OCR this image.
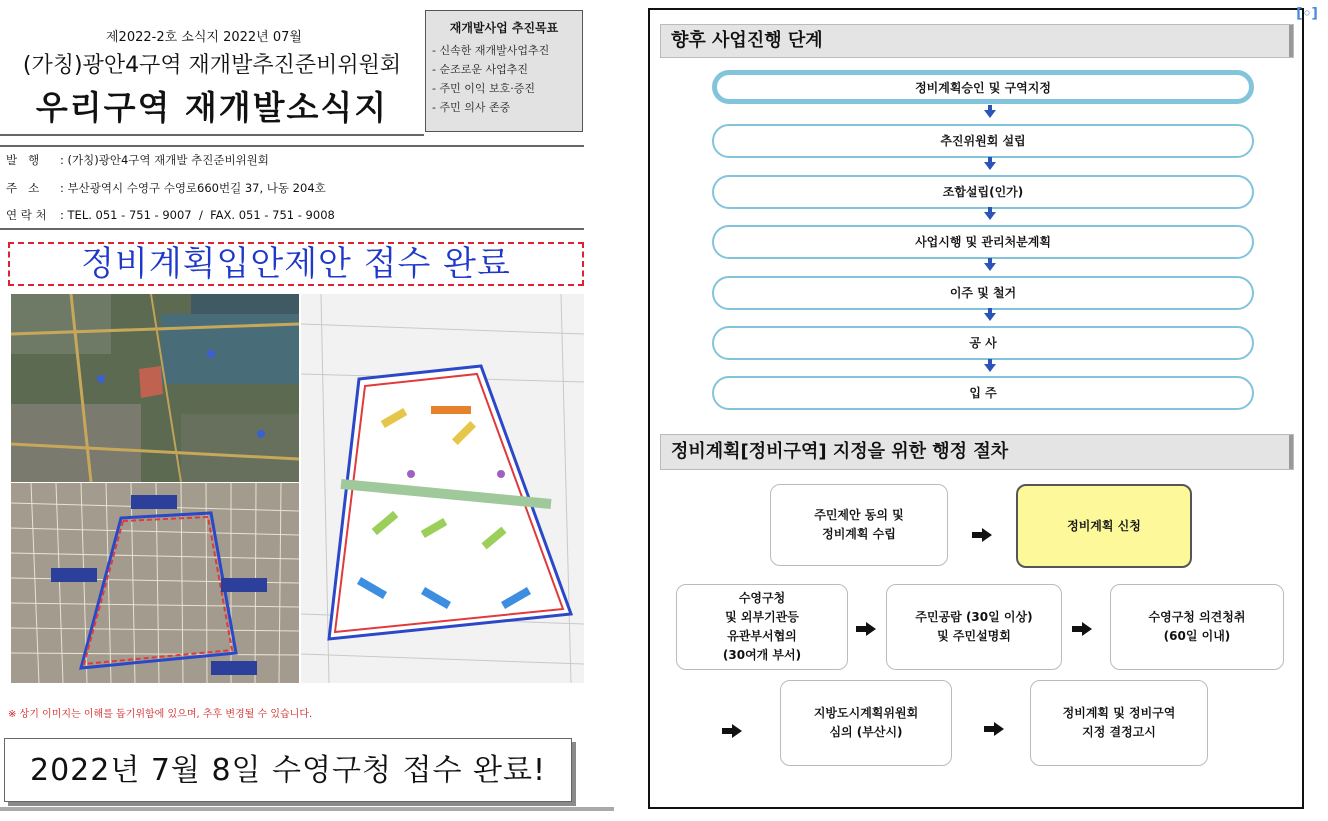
제2022-2호 소식지 2022년 07월
(가칭)광안4구역 재개발추진준비위원회
우리구역 재개발소식지
재개발사업 추진목표
- 신속한 재개발사업추진
- 순조로운 사업추진
- 주민 이익 보호·증진
- 주민 의사 존중
발   행 : (가칭)광안4구역 재개발 추진준비위원회
주   소 : 부산광역시 수영구 수영로660번길 37, 나동 204호
연 락 처 : TEL. 051 - 751 - 9007  /  FAX. 051 - 751 - 9008
정비계획입안제안 접수 완료
※ 상기 이미지는 이해를 돕기위함에 있으며, 추후 변경될 수 있습니다.
2022년 7월 8일 수영구청 접수 완료!
향후 사업진행 단계
정비계획승인 및 구역지정
추진위원회 설립
조합설립(인가)
사업시행 및 관리처분계획
이주 및 철거
공 사
입 주
정비계획[정비구역] 지정을 위한 행정 절차
주민제안 동의 및
정비계획 수립
정비계획 신청
수영구청
및 외부기관등
유관부서협의
(30여개 부서)
주민공람 (30일 이상)
및 주민설명회
수영구청 의견청취
(60일 이내)
지방도시계획위원회
심의 (부산시)
정비계획 및 정비구역
지정 결정고시
[◦]
